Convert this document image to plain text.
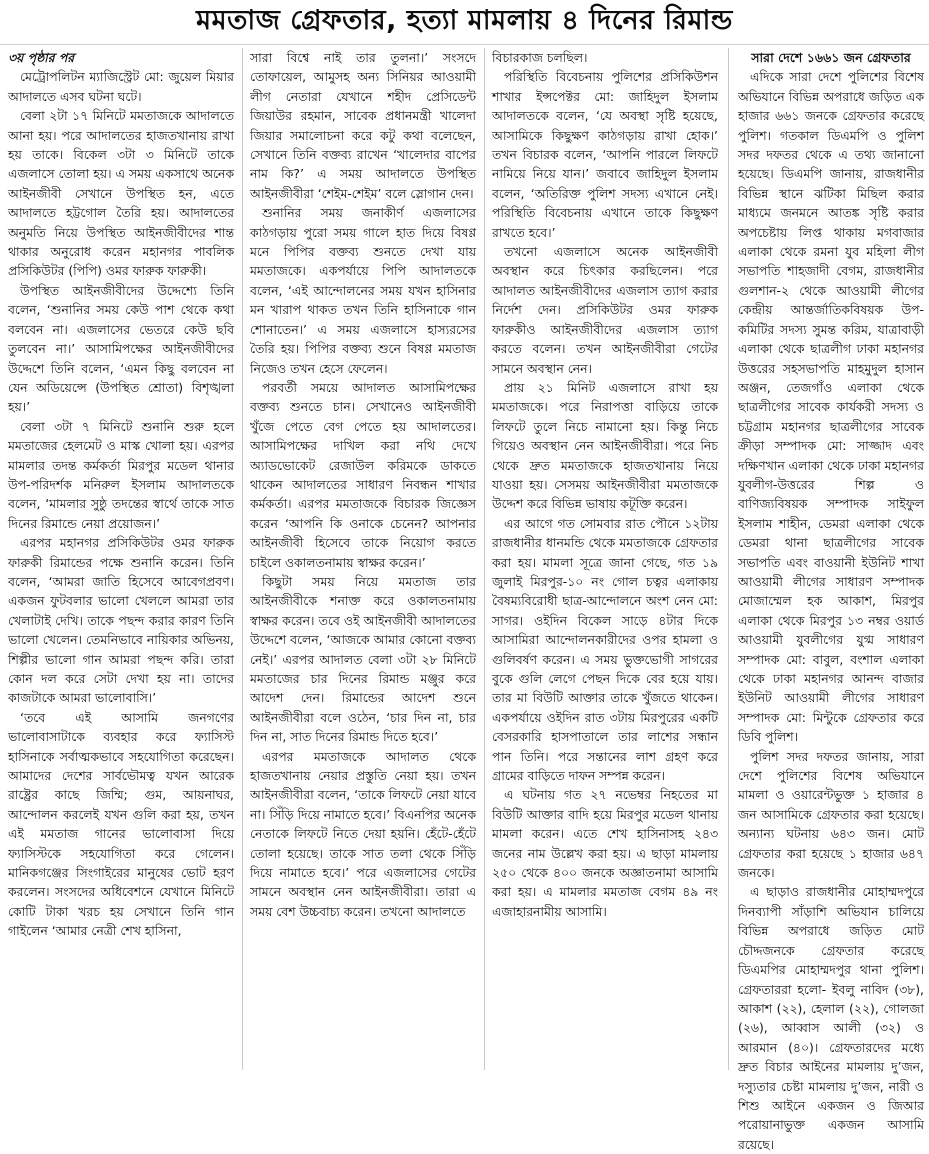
মমতাজ গ্রেফতার, হত্যা মামলায় ৪ দিনের রিমান্ড
৩য় পৃষ্ঠার পর

মেট্রোপলিটন ম্যাজিস্ট্রেট মো: জুয়েল মিয়ার আদালতে এসব ঘটনা ঘটে।

বেলা ২টা ১৭ মিনিটে মমতাজকে আদালতে আনা হয়। পরে আদালতের হাজতখানায় রাখা হয় তাকে। বিকেল ৩টা ৩ মিনিটে তাকে এজলাসে তোলা হয়। এ সময় একসাথে অনেক আইনজীবী সেখানে উপস্থিত হন, এতে আদালতে হট্টগোল তৈরি হয়। আদালতের অনুমতি নিয়ে উপস্থিত আইনজীবীদের শান্ত থাকার অনুরোধ করেন মহানগর পাবলিক প্রসিকিউটর (পিপি) ওমর ফারুক ফারুকী।

উপস্থিত আইনজীবীদের উদ্দেশ্যে তিনি বলেন, ‘শুনানির সময় কেউ পাশ থেকে কথা বলবেন না। এজলাসের ভেতরে কেউ ছবি তুলবেন না।’ আসামিপক্ষের আইনজীবীদের উদ্দেশে তিনি বলেন, ‘এমন কিছু বলবেন না যেন অডিয়েন্সে (উপস্থিত শ্রোতা) বিশৃঙ্খলা হয়।’

বেলা ৩টা ৭ মিনিটে শুনানি শুরু হলে মমতাজের হেলমেট ও মাস্ক খোলা হয়। এরপর মামলার তদন্ত কর্মকর্তা মিরপুর মডেল থানার উপ-পরিদর্শক মনিরুল ইসলাম আদালতকে বলেন, ‘মামলার সুষ্ঠু তদন্তের স্বার্থে তাকে সাত দিনের রিমান্ডে নেয়া প্রয়োজন।’

এরপর মহানগর প্রসিকিউটর ওমর ফারুক ফারুকী রিমান্ডের পক্ষে শুনানি করেন। তিনি বলেন, ‘আমরা জাতি হিসেবে আবেগপ্রবণ। একজন ফুটবলার ভালো খেললে আমরা তার খেলাটাই দেখি। তাকে পছন্দ করার কারণ তিনি ভালো খেলেন। তেমনিভাবে নায়িকার অভিনয়, শিল্পীর ভালো গান আমরা পছন্দ করি। তারা কোন দল করে সেটা দেখা হয় না। তাদের কাজটাকে আমরা ভালোবাসি।’

‘তবে এই আসামি জনগণের ভালোবাসাটাকে ব্যবহার করে ফ্যাসিস্ট হাসিনাকে সর্বাত্মকভাবে সহযোগিতা করেছেন। আমাদের দেশের সার্বভৌমত্ব যখন আরেক রাষ্ট্রের কাছে জিম্মি; গুম, আয়নাঘর, আন্দোলন করলেই যখন গুলি করা হয়, তখন এই মমতাজ গানের ভালোবাসা দিয়ে ফ্যাসিস্টকে সহযোগিতা করে গেলেন। মানিকগঞ্জের সিংগাইরের মানুষের ভোট হরণ করলেন। সংসদের অধিবেশনে যেখানে মিনিটে কোটি টাকা খরচ হয় সেখানে তিনি গান গাইলেন ‘আমার নেত্রী শেখ হাসিনা,

সারা বিশ্বে নাই তার তুলনা।’ সংসদে তোফায়েল, আমুসহ অন্য সিনিয়র আওয়ামী লীগ নেতারা যেখানে শহীদ প্রেসিডেন্ট জিয়াউর রহমান, সাবেক প্রধানমন্ত্রী খালেদা জিয়ার সমালোচনা করে কটু কথা বলেছেন, সেখানে তিনি বক্তব্য রাখেন ‘খালেদার বাপের নাম কি?’ এ সময় আদালতে উপস্থিত আইনজীবীরা ‘শেইম-শেইম’ বলে স্লোগান দেন।

শুনানির সময় জনাকীর্ণ এজলাসের কাঠগড়ায় পুরো সময় গালে হাত দিয়ে বিষণ্ণ মনে পিপির বক্তব্য শুনতে দেখা যায় মমতাজকে। একপর্যায়ে পিপি আদালতকে বলেন, ‘এই আন্দোলনের সময় যখন হাসিনার মন খারাপ থাকত তখন তিনি হাসিনাকে গান শোনাতেন।’ এ সময় এজলাসে হাস্যরসের তৈরি হয়। পিপির বক্তব্য শুনে বিষণ্ণ মমতাজ নিজেও তখন হেসে ফেলেন।

পরবর্তী সময়ে আদালত আসামিপক্ষের বক্তব্য শুনতে চান। সেখানেও আইনজীবী খুঁজে পেতে বেগ পেতে হয় আদালতের। আসামিপক্ষের দাখিল করা নথি দেখে অ্যাডভোকেট রেজাউল করিমকে ডাকতে থাকেন আদালতের সাধারণ নিবন্ধন শাখার কর্মকর্তা। এরপর মমতাজকে বিচারক জিজ্ঞেস করেন ‘আপনি কি ওনাকে চেনেন? আপনার আইনজীবী হিসেবে তাকে নিয়োগ করতে চাইলে ওকালতনামায় স্বাক্ষর করেন।’

কিছুটা সময় নিয়ে মমতাজ তার আইনজীবীকে শনাক্ত করে ওকালতনামায় স্বাক্ষর করেন। তবে ওই আইনজীবী আদালতের উদ্দেশে বলেন, ‘আজকে আমার কোনো বক্তব্য নেই।’ এরপর আদালত বেলা ৩টা ২৮ মিনিটে মমতাজের চার দিনের রিমান্ড মঞ্জুর করে আদেশ দেন। রিমান্ডের আদেশ শুনে আইনজীবীরা বলে ওঠেন, ‘চার দিন না, চার দিন না, সাত দিনের রিমান্ড দিতে হবে।’

এরপর মমতাজকে আদালত থেকে হাজতখানায় নেয়ার প্রস্তুতি নেয়া হয়। তখন আইনজীবীরা বলেন, ‘তাকে লিফটে নেয়া যাবে না। সিঁড়ি দিয়ে নামাতে হবে।’ বিএনপির অনেক নেতাকে লিফটে নিতে দেয়া হয়নি। হেঁটে-হেঁটে তোলা হয়েছে। তাকে সাত তলা থেকে সিঁড়ি দিয়ে নামাতে হবে।’ পরে এজলাসের গেটের সামনে অবস্থান নেন আইনজীবীরা। তারা এ সময় বেশ উচ্চবাচ্য করেন। তখনো আদালতে

বিচারকাজ চলছিল।

পরিস্থিতি বিবেচনায় পুলিশের প্রসিকিউশন শাখার ইন্সপেক্টর মো: জাহিদুল ইসলাম আদালতকে বলেন, ‘যে অবস্থা সৃষ্টি হয়েছে, আসামিকে কিছুক্ষণ কাঠগড়ায় রাখা হোক।’ তখন বিচারক বলেন, ‘আপনি পারলে লিফটে নামিয়ে নিয়ে যান।’ জবাবে জাহিদুল ইসলাম বলেন, ‘অতিরিক্ত পুলিশ সদস্য এখানে নেই। পরিস্থিতি বিবেচনায় এখানে তাকে কিছুক্ষণ রাখতে হবে।’

তখনো এজলাসে অনেক আইনজীবী অবস্থান করে চিৎকার করছিলেন। পরে আদালত আইনজীবীদের এজলাস ত্যাগ করার নির্দেশ দেন। প্রসিকিউটর ওমর ফারুক ফারুকীও আইনজীবীদের এজলাস ত্যাগ করতে বলেন। তখন আইনজীবীরা গেটের সামনে অবস্থান নেন।

প্রায় ২১ মিনিট এজলাসে রাখা হয় মমতাজকে। পরে নিরাপত্তা বাড়িয়ে তাকে লিফটে তুলে নিচে নামানো হয়। কিন্তু নিচে গিয়েও অবস্থান নেন আইনজীবীরা। পরে নিচ থেকে দ্রুত মমতাজকে হাজতখানায় নিয়ে যাওয়া হয়। সেসময় আইনজীবীরা মমতাজকে উদ্দেশ করে বিভিন্ন ভাষায় কটূক্তি করেন।

এর আগে গত সোমবার রাত পৌনে ১২টায় রাজধানীর ধানমন্ডি থেকে মমতাজকে গ্রেফতার করা হয়। মামলা সূত্রে জানা গেছে, গত ১৯ জুলাই মিরপুর-১০ নং গোল চত্বর এলাকায় বৈষম্যবিরোধী ছাত্র-আন্দোলনে অংশ নেন মো: সাগর। ওইদিন বিকেল সাড়ে ৪টার দিকে আসামিরা আন্দোলনকারীদের ওপর হামলা ও গুলিবর্ষণ করেন। এ সময় ভুক্তভোগী সাগরের বুকে গুলি লেগে পেছন দিকে বের হয়ে যায়। তার মা বিউটি আক্তার তাকে খুঁজতে থাকেন। একপর্যায়ে ওইদিন রাত ৩টায় মিরপুরের একটি বেসরকারি হাসপাতালে তার লাশের সন্ধান পান তিনি। পরে সন্তানের লাশ গ্রহণ করে গ্রামের বাড়িতে দাফন সম্পন্ন করেন।

এ ঘটনায় গত ২৭ নভেম্বর নিহতের মা বিউটি আক্তার বাদি হয়ে মিরপুর মডেল থানায় মামলা করেন। এতে শেখ হাসিনাসহ ২৪৩ জনের নাম উল্লেখ করা হয়। এ ছাড়া মামলায় ২৫০ থেকে ৪০০ জনকে অজ্ঞাতনামা আসামি করা হয়। এ মামলার মমতাজ বেগম ৪৯ নং এজাহারনামীয় আসামি।

সারা দেশে ১৬৬১ জন গ্রেফতার

এদিকে সারা দেশে পুলিশের বিশেষ অভিযানে বিভিন্ন অপরাধে জড়িত এক হাজার ৬৬১ জনকে গ্রেফতার করেছে পুলিশ। গতকাল ডিএমপি ও পুলিশ সদর দফতর থেকে এ তথ্য জানানো হয়েছে। ডিএমপি জানায়, রাজধানীর বিভিন্ন স্থানে ঝটিকা মিছিল করার মাধ্যমে জনমনে আতঙ্ক সৃষ্টি করার অপচেষ্টায় লিপ্ত থাকায় মগবাজার এলাকা থেকে রমনা যুব মহিলা লীগ সভাপতি শাহজাদী বেগম, রাজধানীর গুলশান-২ থেকে আওয়ামী লীগের কেন্দ্রীয় আন্তর্জাতিকবিষয়ক উপ-কমিটির সদস্য সুমন্ত করিম, যাত্রাবাড়ী এলাকা থেকে ছাত্রলীগ ঢাকা মহানগর উত্তরের সহসভাপতি মাহমুদুল হাসান অঞ্জন, তেজগাঁও এলাকা থেকে ছাত্রলীগের সাবেক কার্যকরী সদস্য ও চট্টগ্রাম মহানগর ছাত্রলীগের সাবেক ক্রীড়া সম্পাদক মো: সাজ্জাদ এবং দক্ষিণখান এলাকা থেকে ঢাকা মহানগর যুবলীগ-উত্তরের শিল্প ও বাণিজ্যবিষয়ক সম্পাদক সাইফুল ইসলাম শাহীন, ডেমরা এলাকা থেকে ডেমরা থানা ছাত্রলীগের সাবেক সভাপতি এবং বাওয়ানী ইউনিট শাখা আওয়ামী লীগের সাধারণ সম্পাদক মোজাম্মেল হক আকাশ, মিরপুর এলাকা থেকে মিরপুর ১৩ নম্বর ওয়ার্ড আওয়ামী যুবলীগের যুগ্ম সাধারণ সম্পাদক মো: বাবুল, বংশাল এলাকা থেকে ঢাকা মহানগর আনন্দ বাজার ইউনিট আওয়ামী লীগের সাধারণ সম্পাদক মো: মিন্টুকে গ্রেফতার করে ডিবি পুলিশ।

পুলিশ সদর দফতর জানায়, সারা দেশে পুলিশের বিশেষ অভিযানে মামলা ও ওয়ারেন্টভুক্ত ১ হাজার ৪ জন আসামিকে গ্রেফতার করা হয়েছে। অন্যান্য ঘটনায় ৬৪৩ জন। মোট গ্রেফতার করা হয়েছে ১ হাজার ৬৪৭ জনকে।

এ ছাড়াও রাজধানীর মোহাম্মদপুরে দিনব্যাপী সাঁড়াশি অভিযান চালিয়ে বিভিন্ন অপরাধে জড়িত মোট চৌদ্দজনকে গ্রেফতার করেছে ডিএমপির মোহাম্মদপুর থানা পুলিশ। গ্রেফতাররা হলো- ইবলু নাবিদ (৩৮), আকাশ (২২), হেলাল (২২), গোলজা (২৬), আব্বাস আলী (৩২) ও আরমান (৪০)। গ্রেফতারদের মধ্যে দ্রুত বিচার আইনের মামলায় দু’জন, দস্যুতার চেষ্টা মামলায় দু’জন, নারী ও শিশু আইনে একজন ও জিআর পরোয়ানাভুক্ত একজন আসামি রয়েছে।
